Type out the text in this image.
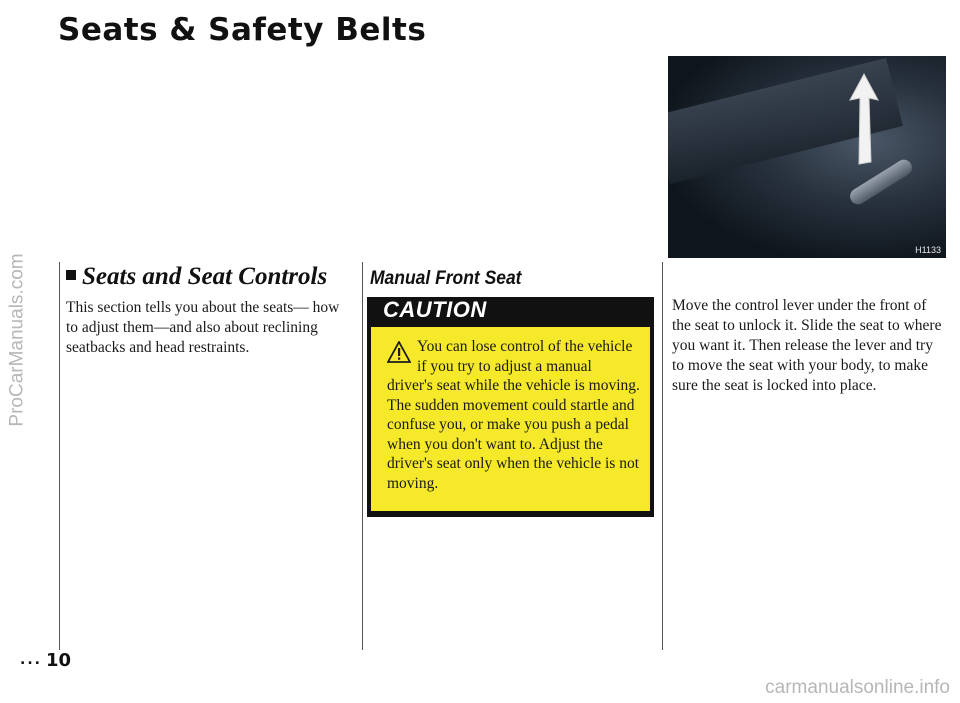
ProCarManuals.com
Seats & Safety Belts
H1133
Seats and Seat Controls

This section tells you about the seats— how to adjust them—and also about reclining seatbacks and head restraints.

Manual Front Seat
CAUTION

You can lose control of the vehicle if you try to adjust a manual driver's seat while the vehicle is moving. The sudden movement could startle and confuse you, or make you push a pedal when you don't want to. Adjust the driver's seat only when the vehicle is not moving.

Move the control lever under the front of the seat to unlock it. Slide the seat to where you want it. Then release the lever and try to move the seat with your body, to make sure the seat is locked into place.

... 10
carmanualsonline.info
